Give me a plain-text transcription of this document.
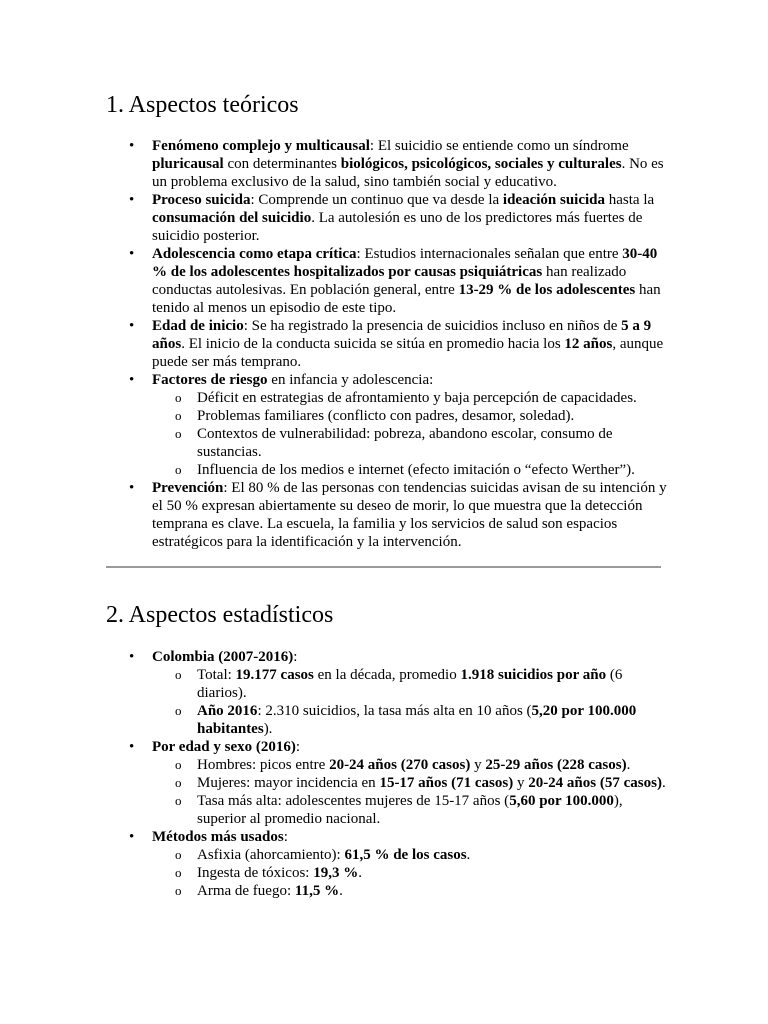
1. Aspectos teóricos
• Fenómeno complejo y multicausal: El suicidio se entiende como un síndrome pluricausal con determinantes biológicos, psicológicos, sociales y culturales. No es un problema exclusivo de la salud, sino también social y educativo.
• Proceso suicida: Comprende un continuo que va desde la ideación suicida hasta la consumación del suicidio. La autolesión es uno de los predictores más fuertes de suicidio posterior.
• Adolescencia como etapa crítica: Estudios internacionales señalan que entre 30-40 % de los adolescentes hospitalizados por causas psiquiátricas han realizado conductas autolesivas. En población general, entre 13-29 % de los adolescentes han tenido al menos un episodio de este tipo.
• Edad de inicio: Se ha registrado la presencia de suicidios incluso en niños de 5 a 9 años. El inicio de la conducta suicida se sitúa en promedio hacia los 12 años, aunque puede ser más temprano.
• Factores de riesgo en infancia y adolescencia:
o Déficit en estrategias de afrontamiento y baja percepción de capacidades.
o Problemas familiares (conflicto con padres, desamor, soledad).
o Contextos de vulnerabilidad: pobreza, abandono escolar, consumo de sustancias.
o Influencia de los medios e internet (efecto imitación o “efecto Werther”).
• Prevención: El 80 % de las personas con tendencias suicidas avisan de su intención y el 50 % expresan abiertamente su deseo de morir, lo que muestra que la detección temprana es clave. La escuela, la familia y los servicios de salud son espacios estratégicos para la identificación y la intervención.
2. Aspectos estadísticos
• Colombia (2007-2016):
o Total: 19.177 casos en la década, promedio 1.918 suicidios por año (6 diarios).
o Año 2016: 2.310 suicidios, la tasa más alta en 10 años (5,20 por 100.000 habitantes).
• Por edad y sexo (2016):
o Hombres: picos entre 20-24 años (270 casos) y 25-29 años (228 casos).
o Mujeres: mayor incidencia en 15-17 años (71 casos) y 20-24 años (57 casos).
o Tasa más alta: adolescentes mujeres de 15-17 años (5,60 por 100.000), superior al promedio nacional.
• Métodos más usados:
o Asfixia (ahorcamiento): 61,5 % de los casos.
o Ingesta de tóxicos: 19,3 %.
o Arma de fuego: 11,5 %.
